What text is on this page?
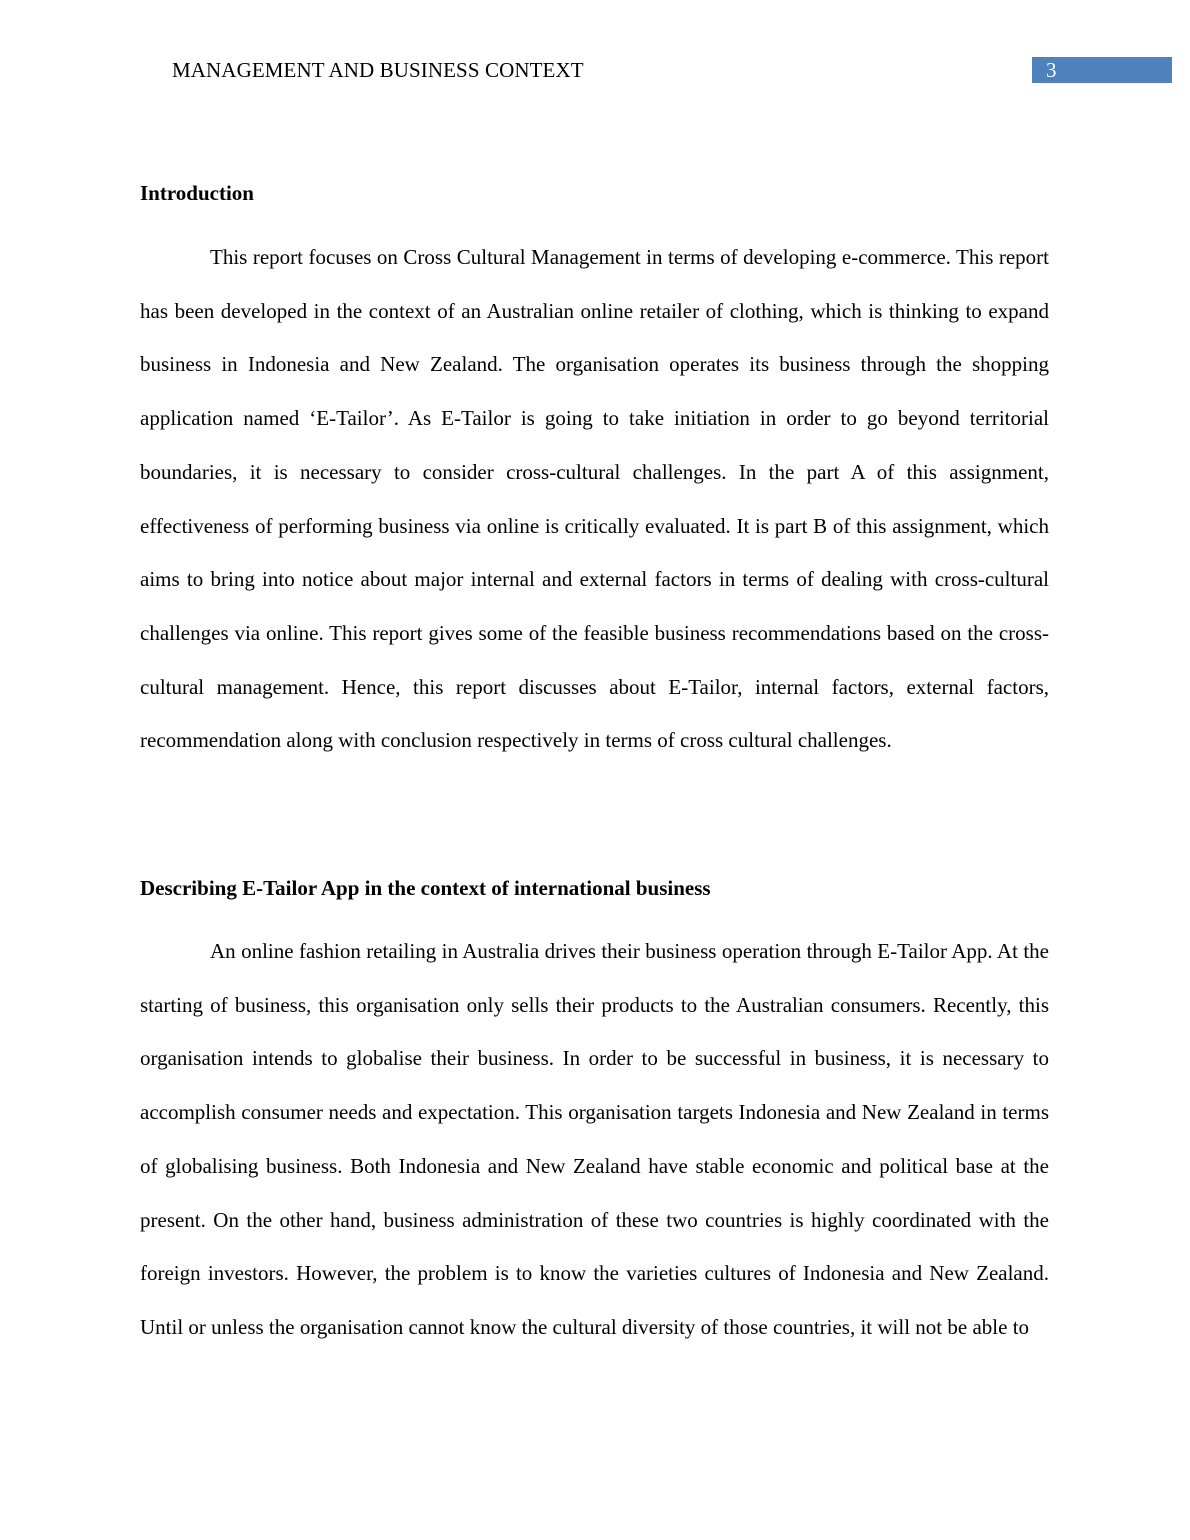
MANAGEMENT AND BUSINESS CONTEXT	3
Introduction

This report focuses on Cross Cultural Management in terms of developing e-commerce. This report has been developed in the context of an Australian online retailer of clothing, which is thinking to expand business in Indonesia and New Zealand. The organisation operates its business through the shopping application named ‘E-Tailor’. As E-Tailor is going to take initiation in order to go beyond territorial boundaries, it is necessary to consider cross-cultural challenges. In the part A of this assignment, effectiveness of performing business via online is critically evaluated. It is part B of this assignment, which aims to bring into notice about major internal and external factors in terms of dealing with cross-cultural challenges via online. This report gives some of the feasible business recommendations based on the cross-cultural management. Hence, this report discusses about E-Tailor, internal factors, external factors, recommendation along with conclusion respectively in terms of cross cultural challenges.

Describing E-Tailor App in the context of international business

An online fashion retailing in Australia drives their business operation through E-Tailor App. At the starting of business, this organisation only sells their products to the Australian consumers. Recently, this organisation intends to globalise their business. In order to be successful in business, it is necessary to accomplish consumer needs and expectation. This organisation targets Indonesia and New Zealand in terms of globalising business. Both Indonesia and New Zealand have stable economic and political base at the present. On the other hand, business administration of these two countries is highly coordinated with the foreign investors. However, the problem is to know the varieties cultures of Indonesia and New Zealand. Until or unless the organisation cannot know the cultural diversity of those countries, it will not be able to
